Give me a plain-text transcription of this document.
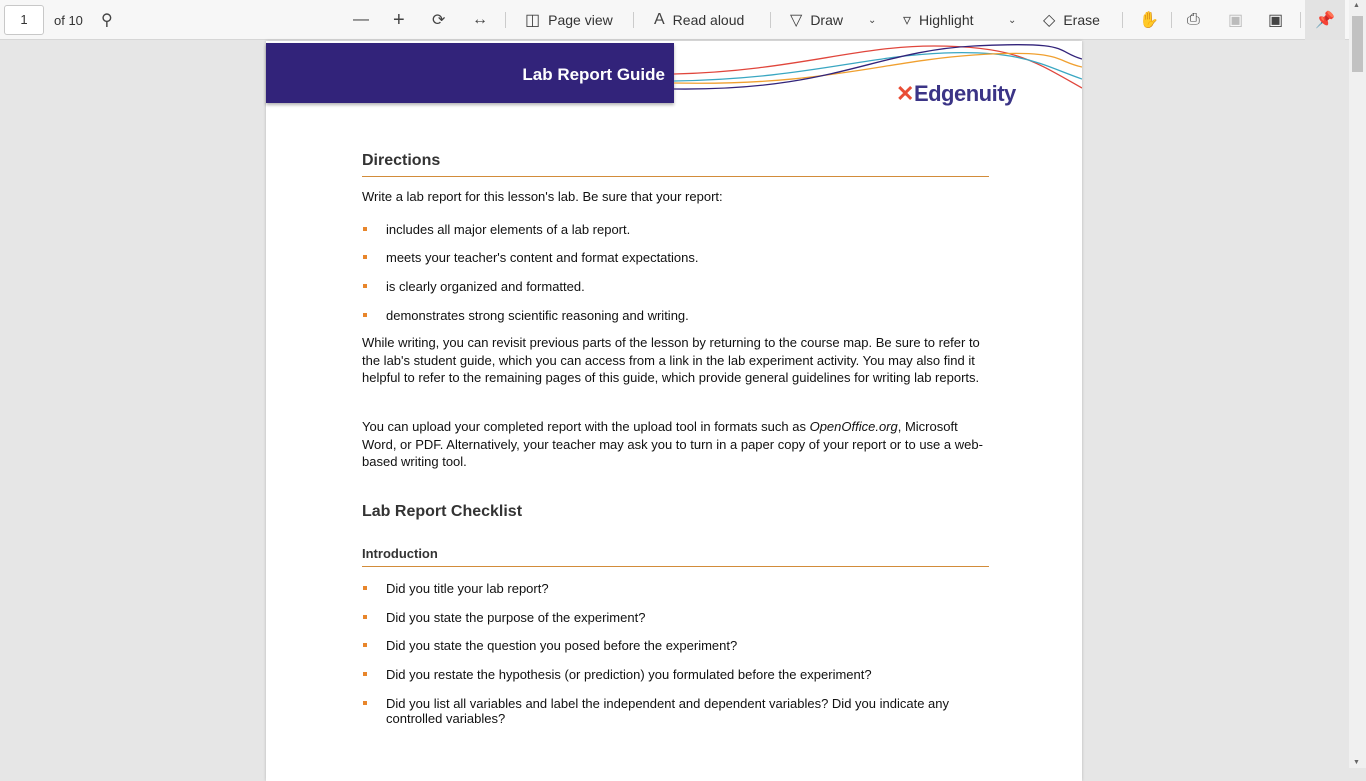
1	of 10 ⚲	— + ⟳ ↔ ◫ Page view	A Read aloud	▽ Draw	⌄ ▿ Highlight	⌄ ◇ Erase ✋ ⎙ ▣ ▣ 📌
Lab Report Guide
✕Edgenuity
Directions
Write a lab report for this lesson's lab. Be sure that your report:
includes all major elements of a lab report.
meets your teacher's content and format expectations.
is clearly organized and formatted.
demonstrates strong scientific reasoning and writing.
While writing, you can revisit previous parts of the lesson by returning to the course map. Be sure to refer to the lab's student guide, which you can access from a link in the lab experiment activity. You may also find it helpful to refer to the remaining pages of this guide, which provide general guidelines for writing lab reports.
You can upload your completed report with the upload tool in formats such as OpenOffice.org, Microsoft Word, or PDF. Alternatively, your teacher may ask you to turn in a paper copy of your report or to use a web-based writing tool.
Lab Report Checklist
Introduction
Did you title your lab report?
Did you state the purpose of the experiment?
Did you state the question you posed before the experiment?
Did you restate the hypothesis (or prediction) you formulated before the experiment?
Did you list all variables and label the independent and dependent variables? Did you indicate any controlled variables?
▲
▼
